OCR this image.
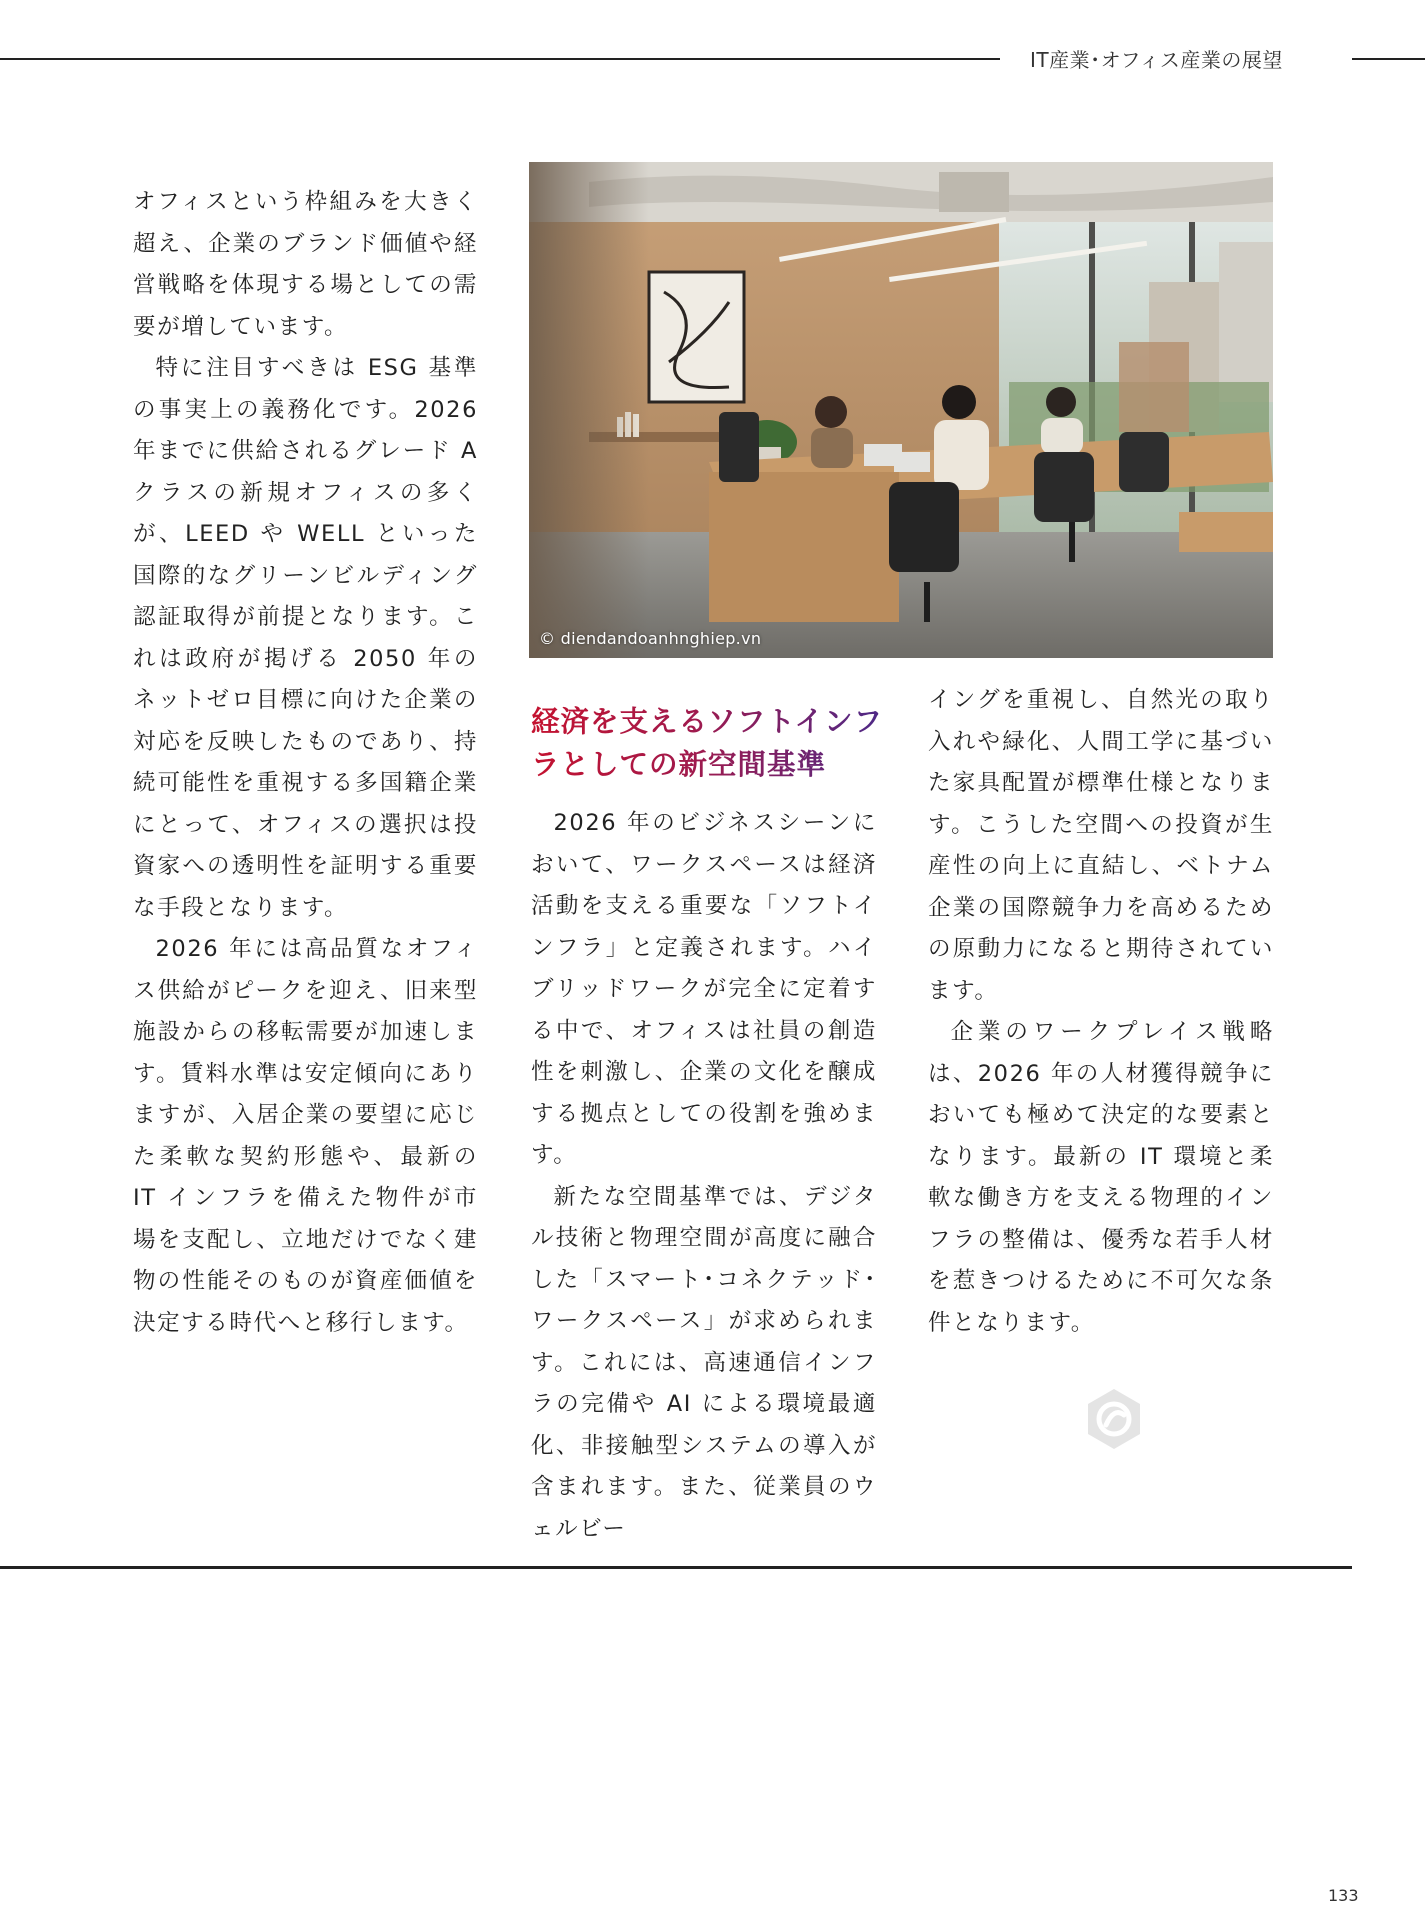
IT産業･オフィス産業の展望

オフィスという枠組みを大きく超え、企業のブランド価値や経営戦略を体現する場としての需要が増しています。

特に注目すべきは ESG 基準の事実上の義務化です。2026 年までに供給されるグレード A クラスの新規オフィスの多くが、LEED や WELL といった国際的なグリーンビルディング認証取得が前提となります。これは政府が掲げる 2050 年のネットゼロ目標に向けた企業の対応を反映したものであり、持続可能性を重視する多国籍企業にとって、オフィスの選択は投資家への透明性を証明する重要な手段となります。

2026 年には高品質なオフィス供給がピークを迎え、旧来型施設からの移転需要が加速します。賃料水準は安定傾向にありますが、入居企業の要望に応じた柔軟な契約形態や、最新の IT インフラを備えた物件が市場を支配し、立地だけでなく建物の性能そのものが資産価値を決定する時代へと移行します。

© diendandoanhnghiep.vn
経済を支えるソフトインフラとしての新空間基準

2026 年のビジネスシーンにおいて、ワークスペースは経済活動を支える重要な「ソフトインフラ」と定義されます。ハイブリッドワークが完全に定着する中で、オフィスは社員の創造性を刺激し、企業の文化を醸成する拠点としての役割を強めます。

新たな空間基準では、デジタル技術と物理空間が高度に融合した「スマート･コネクテッド･ワークスペース」が求められます。これには、高速通信インフラの完備や AI による環境最適化、非接触型システムの導入が含まれます。また、従業員のウェルビー

イングを重視し、自然光の取り入れや緑化、人間工学に基づいた家具配置が標準仕様となります。こうした空間への投資が生産性の向上に直結し、ベトナム企業の国際競争力を高めるための原動力になると期待されています。

企業のワークプレイス戦略は、2026 年の人材獲得競争においても極めて決定的な要素となります。最新の IT 環境と柔軟な働き方を支える物理的インフラの整備は、優秀な若手人材を惹きつけるために不可欠な条件となります。

133
